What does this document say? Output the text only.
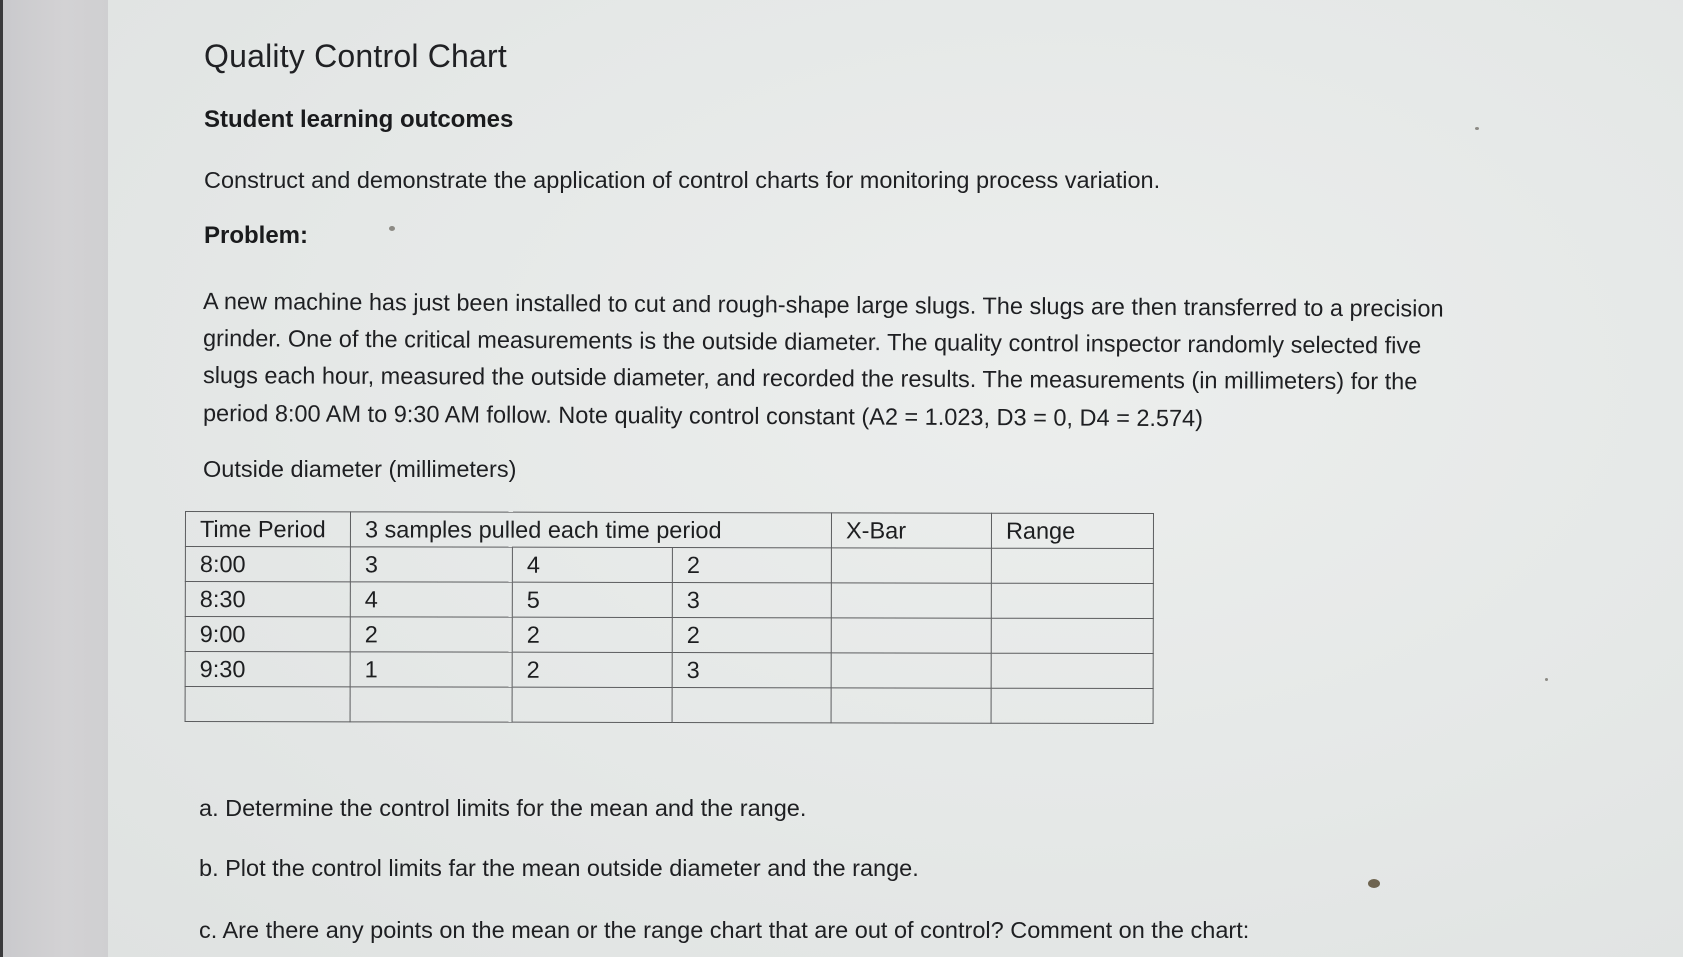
Quality Control Chart
Student learning outcomes
Construct and demonstrate the application of control charts for monitoring process variation.
Problem:
A new machine has just been installed to cut and rough-shape large slugs. The slugs are then transferred to a precision
grinder. One of the critical measurements is the outside diameter. The quality control inspector randomly selected five
slugs each hour, measured the outside diameter, and recorded the results. The measurements (in millimeters) for the
period 8:00 AM to 9:30 AM follow. Note quality control constant (A2 = 1.023, D3 = 0, D4 = 2.574)
Outside diameter (millimeters)
Time Period	3 samples pulled each time period			X-Bar	Range
8:00	3	4	2		
8:30	4	5	3		
9:00	2	2	2		
9:30	1	2	3		

a. Determine the control limits for the mean and the range.
b. Plot the control limits far the mean outside diameter and the range.
c. Are there any points on the mean or the range chart that are out of control? Comment on the chart:
